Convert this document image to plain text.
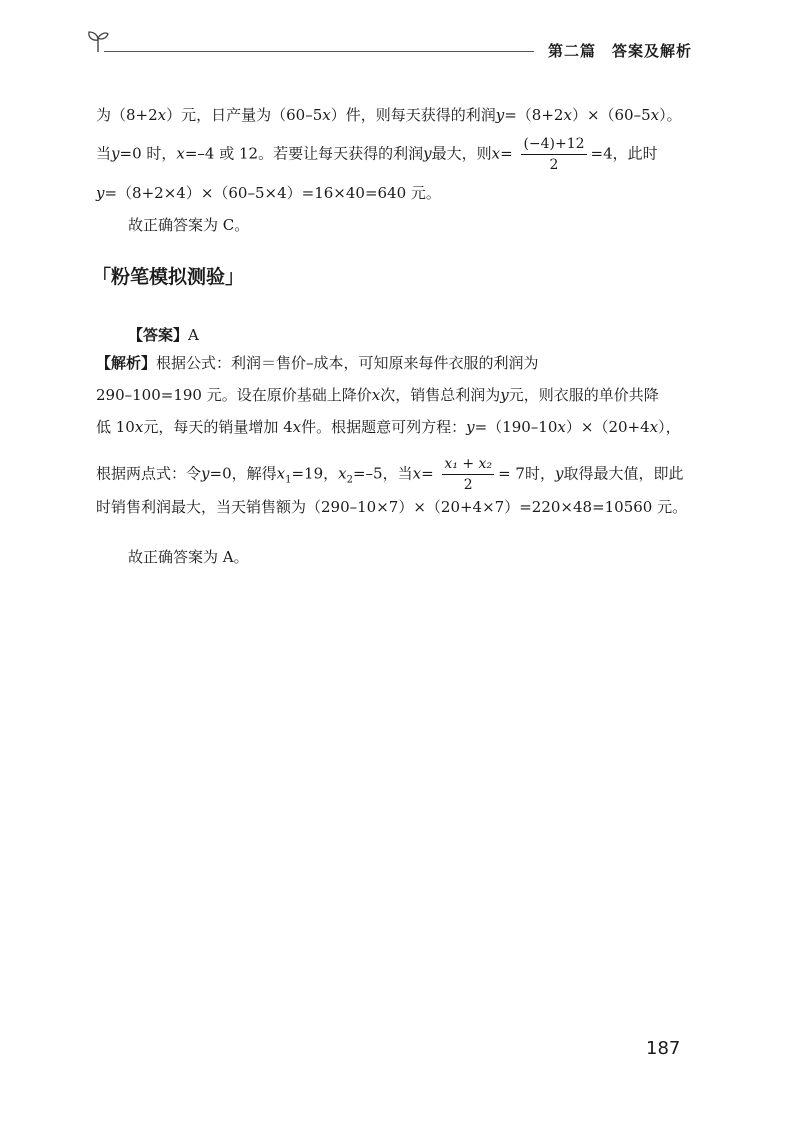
第二篇　答案及解析
为（8+2x）元，日产量为（60–5x）件，则每天获得的利润y=（8+2x）×（60–5x）。
当y=0 时，x=–4 或 12。若要让每天获得的利润y最大，则$x= \frac{(-4)+12}{2} =4$，此时
y=（8+2×4）×（60–5×4）=16×40=640 元。
故正确答案为 C。
「粉笔模拟测验」
【答案】A
【解析】根据公式：利润＝售价–成本，可知原来每件衣服的利润为
290–100=190 元。设在原价基础上降价x次，销售总利润为y元，则衣服的单价共降
低 10x元，每天的销量增加 4x件。根据题意可列方程：y=（190–10x）×（20+4x），
根据两点式：令y=0，解得$x_1=19$，$x_2=-5$，当$x= \frac{\text{x₁ + x₂}}{2} = 7$时，y取得最大值，即此
时销售利润最大，当天销售额为（290–10×7）×（20+4×7）=220×48=10560 元。
故正确答案为 A。
187
